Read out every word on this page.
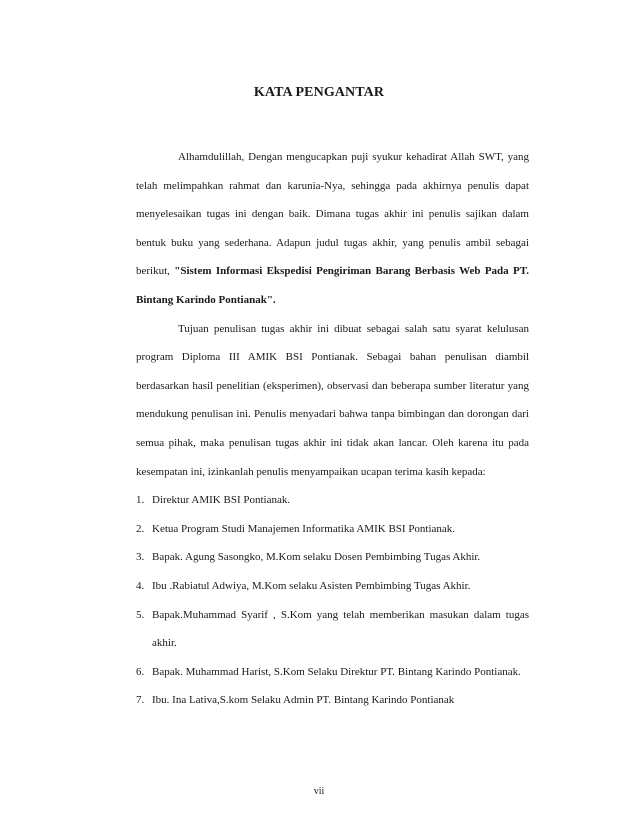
KATA PENGANTAR

Alhamdulillah, Dengan mengucapkan puji syukur kehadirat Allah SWT, yang telah melimpahkan rahmat dan karunia-Nya, sehingga pada akhirnya penulis dapat menyelesaikan tugas ini dengan baik. Dimana tugas akhir ini penulis sajikan dalam bentuk buku yang sederhana. Adapun judul tugas akhir, yang penulis ambil sebagai berikut, "Sistem Informasi Ekspedisi Pengiriman Barang Berbasis Web Pada PT. Bintang Karindo Pontianak".

Tujuan penulisan tugas akhir ini dibuat sebagai salah satu syarat kelulusan program Diploma III AMIK BSI Pontianak. Sebagai bahan penulisan diambil berdasarkan hasil penelitian (eksperimen), observasi dan beberapa sumber literatur yang mendukung penulisan ini. Penulis menyadari bahwa tanpa bimbingan dan dorongan dari semua pihak, maka penulisan tugas akhir ini tidak akan lancar. Oleh karena itu pada kesempatan ini, izinkanlah penulis menyampaikan ucapan terima kasih kepada:

1. Direktur AMIK BSI Pontianak.
2. Ketua Program Studi Manajemen Informatika AMIK BSI Pontianak.
3. Bapak. Agung Sasongko, M.Kom selaku Dosen Pembimbing Tugas Akhir.
4. Ibu .Rabiatul Adwiya, M.Kom selaku Asisten Pembimbing Tugas Akhir.
5. Bapak.Muhammad Syarif , S.Kom yang telah memberikan masukan dalam tugas akhir.
6. Bapak. Muhammad Harist, S.Kom Selaku Direktur PT. Bintang Karindo Pontianak.
7. Ibu. Ina Lativa,S.kom Selaku Admin PT. Bintang Karindo Pontianak
vii
